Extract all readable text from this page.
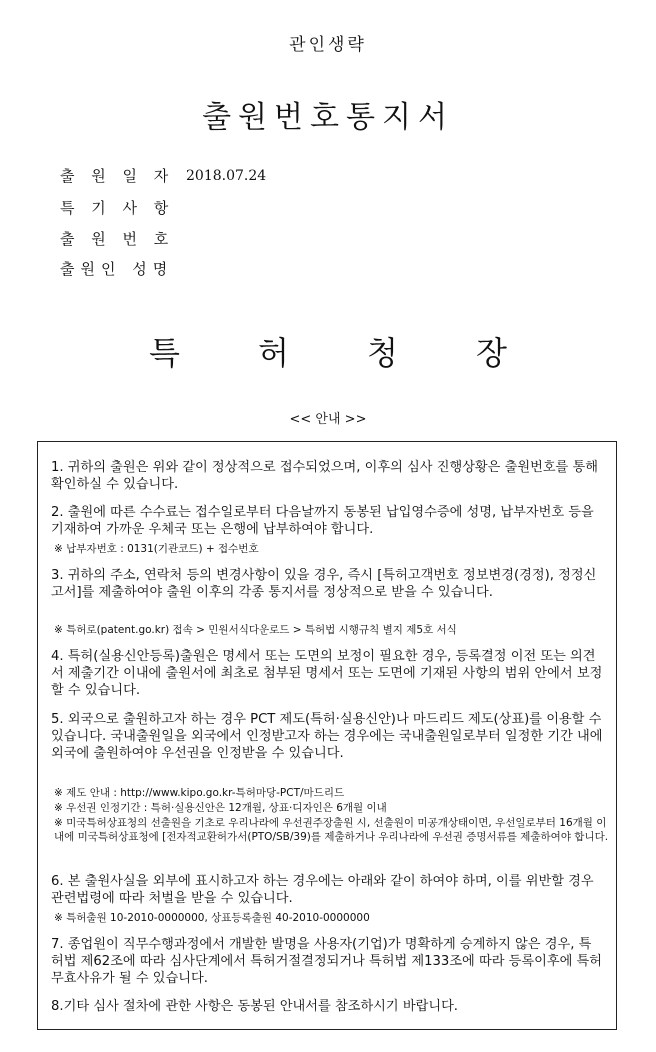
관인생략
출원번호통지서
출 원 일 자 2018.07.24
특 기 사 항
출 원 번 호
출원인 성명
특 허 청 장
<< 안내 >>
1. 귀하의 출원은 위와 같이 정상적으로 접수되었으며, 이후의 심사 진행상황은 출원번호를 통해 확인하실 수 있습니다.
2. 출원에 따른 수수료는 접수일로부터 다음날까지 동봉된 납입영수증에 성명, 납부자번호 등을 기재하여 가까운 우체국 또는 은행에 납부하여야 합니다.
※ 납부자번호 : 0131(기관코드) + 접수번호
3. 귀하의 주소, 연락처 등의 변경사항이 있을 경우, 즉시 [특허고객번호 정보변경(경정), 정정신고서]를 제출하여야 출원 이후의 각종 통지서를 정상적으로 받을 수 있습니다.
※ 특허로(patent.go.kr) 접속 > 민원서식다운로드 > 특허법 시행규칙 별지 제5호 서식
4. 특허(실용신안등록)출원은 명세서 또는 도면의 보정이 필요한 경우, 등록결정 이전 또는 의견서 제출기간 이내에 출원서에 최초로 첨부된 명세서 또는 도면에 기재된 사항의 범위 안에서 보정할 수 있습니다.
5. 외국으로 출원하고자 하는 경우 PCT 제도(특허·실용신안)나 마드리드 제도(상표)를 이용할 수 있습니다. 국내출원일을 외국에서 인정받고자 하는 경우에는 국내출원일로부터 일정한 기간 내에 외국에 출원하여야 우선권을 인정받을 수 있습니다.
※ 제도 안내 : http://www.kipo.go.kr-특허마당-PCT/마드리드
※ 우선권 인정기간 : 특허·실용신안은 12개월, 상표·디자인은 6개월 이내
※ 미국특허상표청의 선출원을 기초로 우리나라에 우선권주장출원 시, 선출원이 미공개상태이면, 우선일로부터 16개월 이내에 미국특허상표청에 [전자적교환허가서(PTO/SB/39)를 제출하거나 우리나라에 우선권 증명서류를 제출하여야 합니다.
6. 본 출원사실을 외부에 표시하고자 하는 경우에는 아래와 같이 하여야 하며, 이를 위반할 경우 관련법령에 따라 처벌을 받을 수 있습니다.
※ 특허출원 10-2010-0000000, 상표등록출원 40-2010-0000000
7. 종업원이 직무수행과정에서 개발한 발명을 사용자(기업)가 명확하게 승계하지 않은 경우, 특허법 제62조에 따라 심사단계에서 특허거절결정되거나 특허법 제133조에 따라 등록이후에 특허무효사유가 될 수 있습니다.
8.기타 심사 절차에 관한 사항은 동봉된 안내서를 참조하시기 바랍니다.
